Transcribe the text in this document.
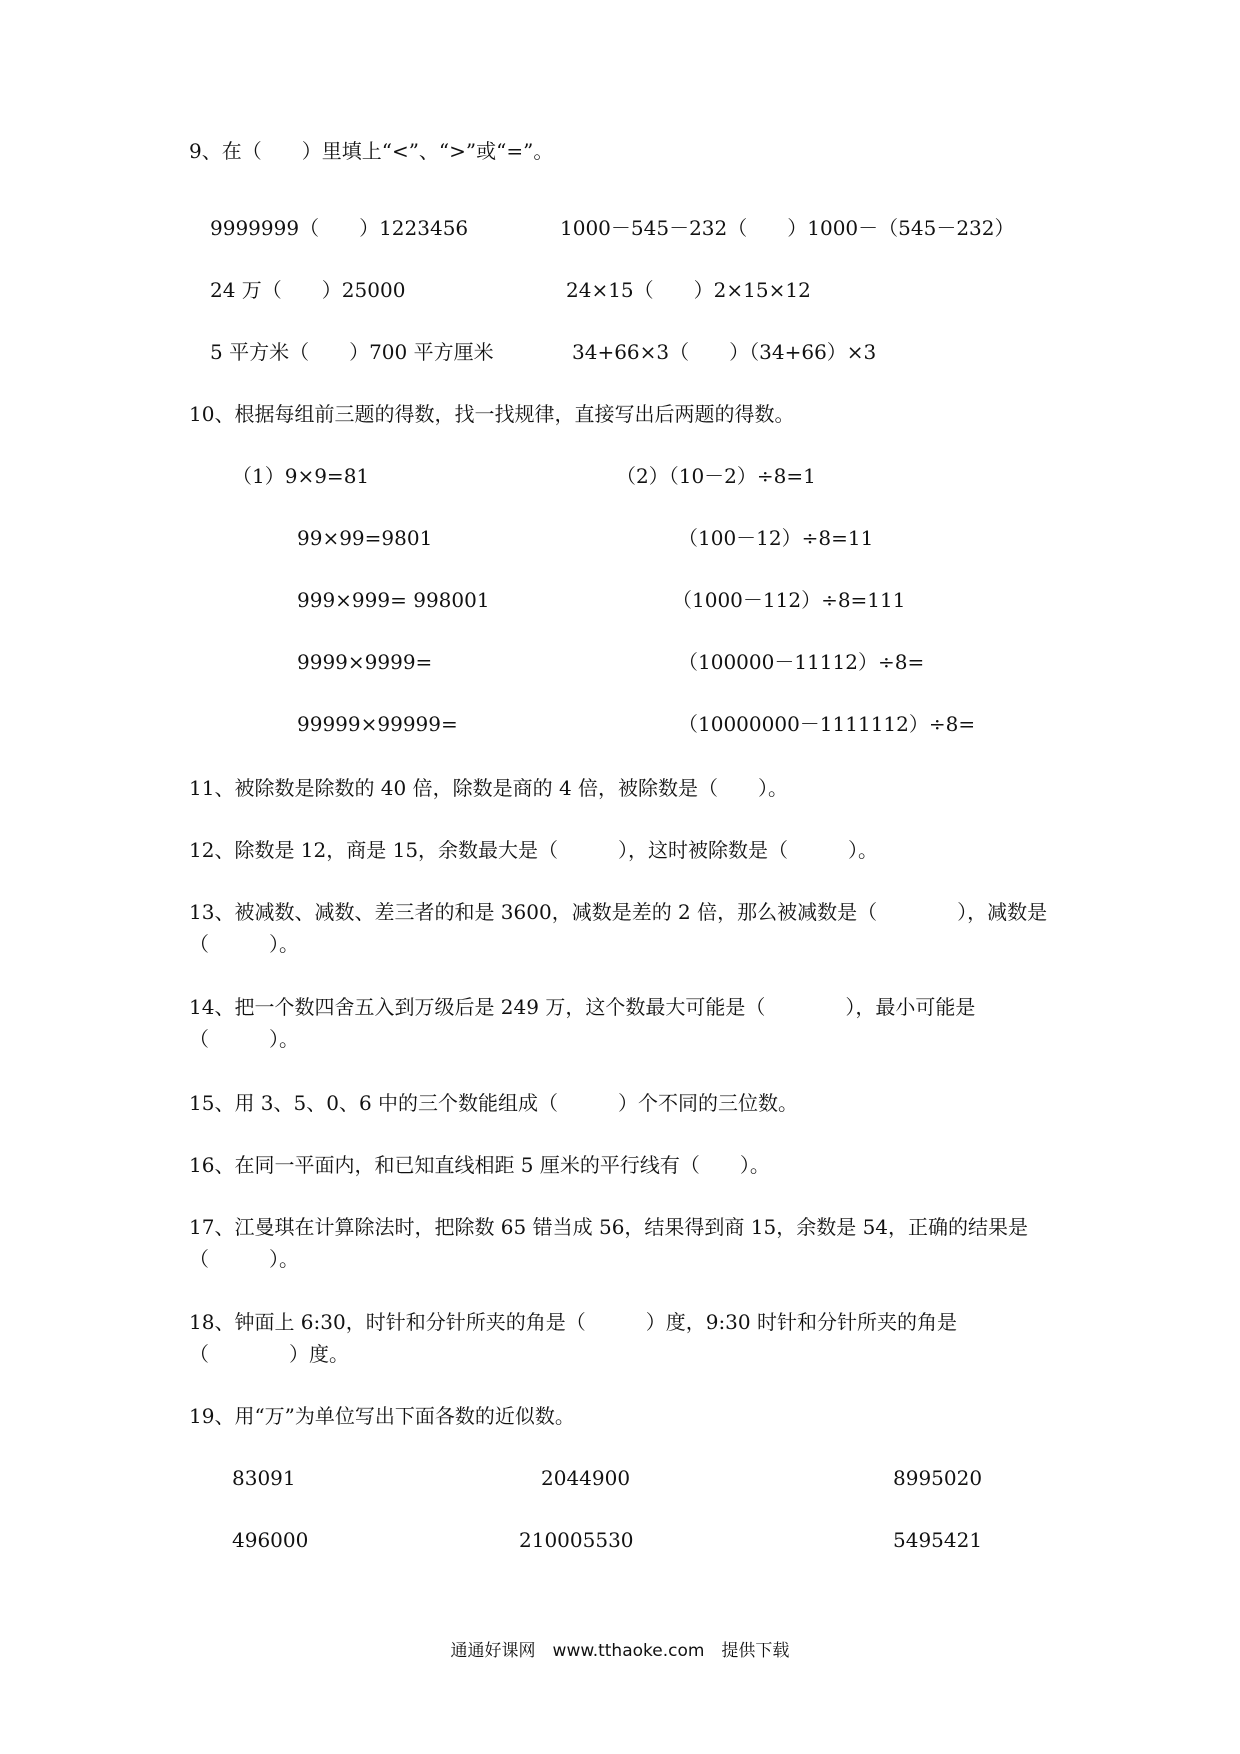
9、在（　　）里填上“<”、“>”或“=”。
9999999（　　）1223456	1000－545－232（　　）1000－（545－232）
24 万（　　）25000	24×15（　　）2×15×12
5 平方米（　　）700 平方厘米	34+66×3（　　）（34+66）×3
10、根据每组前三题的得数，找一找规律，直接写出后两题的得数。
（1）9×9=81	（2）（10－2）÷8=1
99×99=9801	（100－12）÷8=11
999×999= 998001	（1000－112）÷8=111
9999×9999=	（100000－11112）÷8=
99999×99999=	（10000000－1111112）÷8=
11、被除数是除数的 40 倍，除数是商的 4 倍，被除数是（　　）。
12、除数是 12，商是 15，余数最大是（　　　），这时被除数是（　　　）。
13、被减数、减数、差三者的和是 3600，减数是差的 2 倍，那么被减数是（　　　　），减数是（　　　）。
14、把一个数四舍五入到万级后是 249 万，这个数最大可能是（　　　　），最小可能是（　　　）。
15、用 3、5、0、6 中的三个数能组成（　　　）个不同的三位数。
16、在同一平面内，和已知直线相距 5 厘米的平行线有（　　）。
17、江曼琪在计算除法时，把除数 65 错当成 56，结果得到商 15，余数是 54，正确的结果是（　　　）。
18、钟面上 6:30，时针和分针所夹的角是（　　　）度，9:30 时针和分针所夹的角是（　　　　）度。
19、用“万”为单位写出下面各数的近似数。
83091	2044900	8995020
496000	210005530	5495421
通通好课网　www.tthaoke.com　提供下载
